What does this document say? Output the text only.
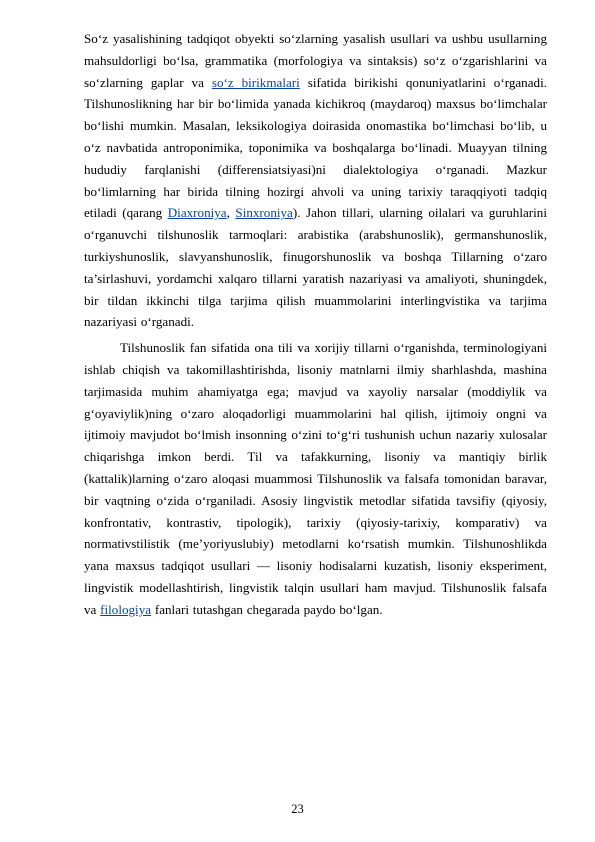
So‘z yasalishining tadqiqot obyekti so‘zlarning yasalish usullari va ushbu usullarning mahsuldorligi bo‘lsa, grammatika (morfologiya va sintaksis) so‘z o‘zgarishlarini va so‘zlarning gaplar va so‘z birikmalari sifatida birikishi qonuniyatlarini o‘rganadi. Tilshunoslikning har bir bo‘limida yanada kichikroq (maydaroq) maxsus bo‘limchalar bo‘lishi mumkin. Masalan, leksikologiya doirasida onomastika bo‘limchasi bo‘lib, u o‘z navbatida antroponimika, toponimika va boshqalarga bo‘linadi. Muayyan tilning hududiy farqlanishi (differensiatsiyasi)ni dialektologiya o‘rganadi. Mazkur bo‘limlarning har birida tilning hozirgi ahvoli va uning tarixiy taraqqiyoti tadqiq etiladi (qarang Diaxroniya, Sinxroniya). Jahon tillari, ularning oilalari va guruhlarini o‘rganuvchi tilshunoslik tarmoqlari: arabistika (arabshunoslik), germanshunoslik, turkiyshunoslik, slavyanshunoslik, finugorshunoslik va boshqa Tillarning o‘zaro ta’sirlashuvi, yordamchi xalqaro tillarni yaratish nazariyasi va amaliyoti, shuningdek, bir tildan ikkinchi tilga tarjima qilish muammolarini interlingvistika va tarjima nazariyasi o‘rganadi.

Tilshunoslik fan sifatida ona tili va xorijiy tillarni o‘rganishda, terminologiyani ishlab chiqish va takomillashtirishda, lisoniy matnlarni ilmiy sharhlashda, mashina tarjimasida muhim ahamiyatga ega; mavjud va xayoliy narsalar (moddiylik va g‘oyaviylik)ning o‘zaro aloqadorligi muammolarini hal qilish, ijtimoiy ongni va ijtimoiy mavjudot bo‘lmish insonning o‘zini to‘g‘ri tushunish uchun nazariy xulosalar chiqarishga imkon berdi. Til va tafakkurning, lisoniy va mantiqiy birlik (kattalik)larning o‘zaro aloqasi muammosi Tilshunoslik va falsafa tomonidan baravar, bir vaqtning o‘zida o‘rganiladi. Asosiy lingvistik metodlar sifatida tavsifiy (qiyosiy, konfrontativ, kontrastiv, tipologik), tarixiy (qiyosiy-tarixiy, komparativ) va normativstilistik (me’yoriyuslubiy) metodlarni ko‘rsatish mumkin. Tilshunoshlikda yana maxsus tadqiqot usullari — lisoniy hodisalarni kuzatish, lisoniy eksperiment, lingvistik modellashtirish, lingvistik talqin usullari ham mavjud. Tilshunoslik falsafa va filologiya fanlari tutashgan chegarada paydo bo‘lgan.

23
